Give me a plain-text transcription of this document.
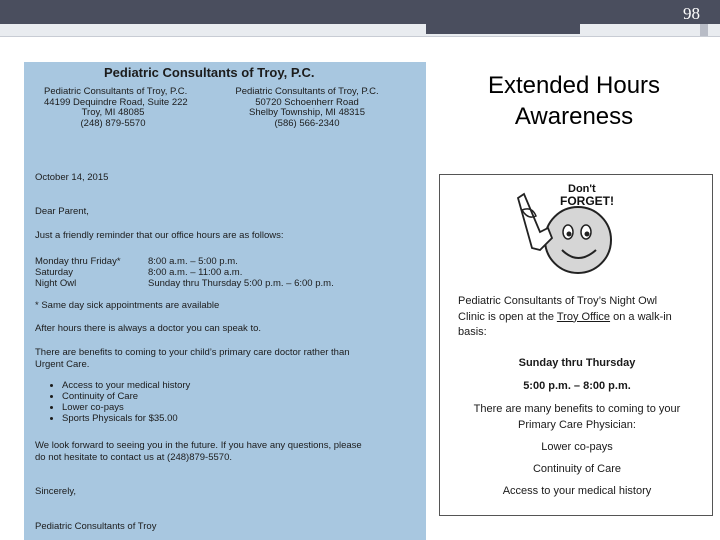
98
Pediatric Consultants of Troy, P.C.
Pediatric Consultants of Troy, P.C.
44199 Dequindre Road, Suite 222
Troy, MI 48085
(248) 879-5570
Pediatric Consultants of Troy, P.C.
50720 Schoenherr Road
Shelby Township, MI 48315
(586) 566-2340
October 14, 2015
Dear Parent,
Just a friendly reminder that our office hours are as follows:
Monday thru Friday*	8:00 a.m. – 5:00 p.m.
Saturday	8:00 a.m. – 11:00 a.m.
Night Owl	Sunday thru Thursday 5:00 p.m. – 6:00 p.m.
* Same day sick appointments are available
After hours there is always a doctor you can speak to.
There are benefits to coming to your child’s primary care doctor rather than
Urgent Care.
• Access to your medical history
• Continuity of Care
• Lower co-pays
• Sports Physicals for $35.00
We look forward to seeing you in the future. If you have any questions, please
do not hesitate to contact us at (248)879-5570.
Sincerely,
Pediatric Consultants of Troy
Extended Hours
Awareness
Don't
FORGET!
Pediatric Consultants of Troy’s Night Owl
Clinic is open at the Troy Office on a walk-in
basis:
Sunday thru Thursday
5:00 p.m. – 8:00 p.m.
There are many benefits to coming to your
Primary Care Physician:
Lower co-pays
Continuity of Care
Access to your medical history
